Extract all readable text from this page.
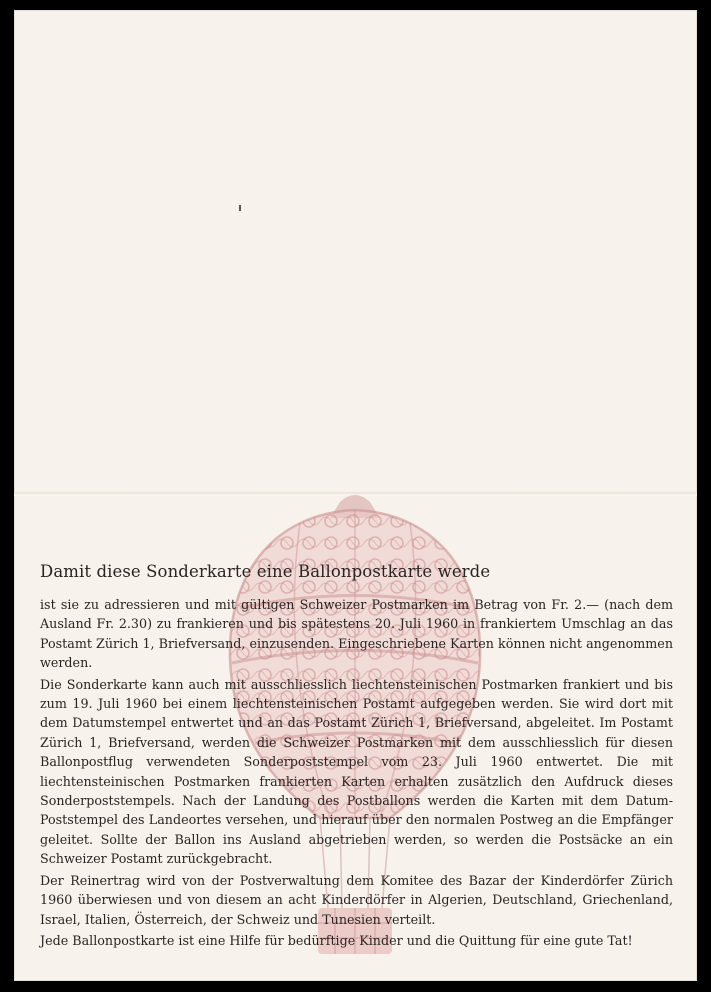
Damit diese Sonderkarte eine Ballonpostkarte werde

ist sie zu adressieren und mit gültigen Schweizer Postmarken im Betrag von Fr. 2.— (nach dem Ausland Fr. 2.30) zu frankieren und bis spätestens 20. Juli 1960 in frankiertem Umschlag an das Postamt Zürich 1, Briefversand, einzusenden. Eingeschriebene Karten können nicht angenommen werden.

Die Sonderkarte kann auch mit ausschliesslich liechtensteinischen Postmarken frankiert und bis zum 19. Juli 1960 bei einem liechtensteinischen Postamt aufgegeben werden. Sie wird dort mit dem Datumstempel entwertet und an das Postamt Zürich 1, Briefversand, abgeleitet. Im Postamt Zürich 1, Briefversand, werden die Schweizer Postmarken mit dem ausschliesslich für diesen Ballonpostflug verwendeten Sonderpoststempel vom 23. Juli 1960 entwertet. Die mit liechtensteinischen Postmarken frankierten Karten erhalten zusätzlich den Aufdruck dieses Sonderpoststempels. Nach der Landung des Postballons werden die Karten mit dem Datum-Poststempel des Landeortes versehen, und hierauf über den normalen Postweg an die Empfänger geleitet. Sollte der Ballon ins Ausland abgetrieben werden, so werden die Postsäcke an ein Schweizer Postamt zurückgebracht.

Der Reinertrag wird von der Postverwaltung dem Komitee des Bazar der Kinderdörfer Zürich 1960 überwiesen und von diesem an acht Kinderdörfer in Algerien, Deutschland, Griechenland, Israel, Italien, Österreich, der Schweiz und Tunesien verteilt.

Jede Ballonpostkarte ist eine Hilfe für bedürftige Kinder und die Quittung für eine gute Tat!
